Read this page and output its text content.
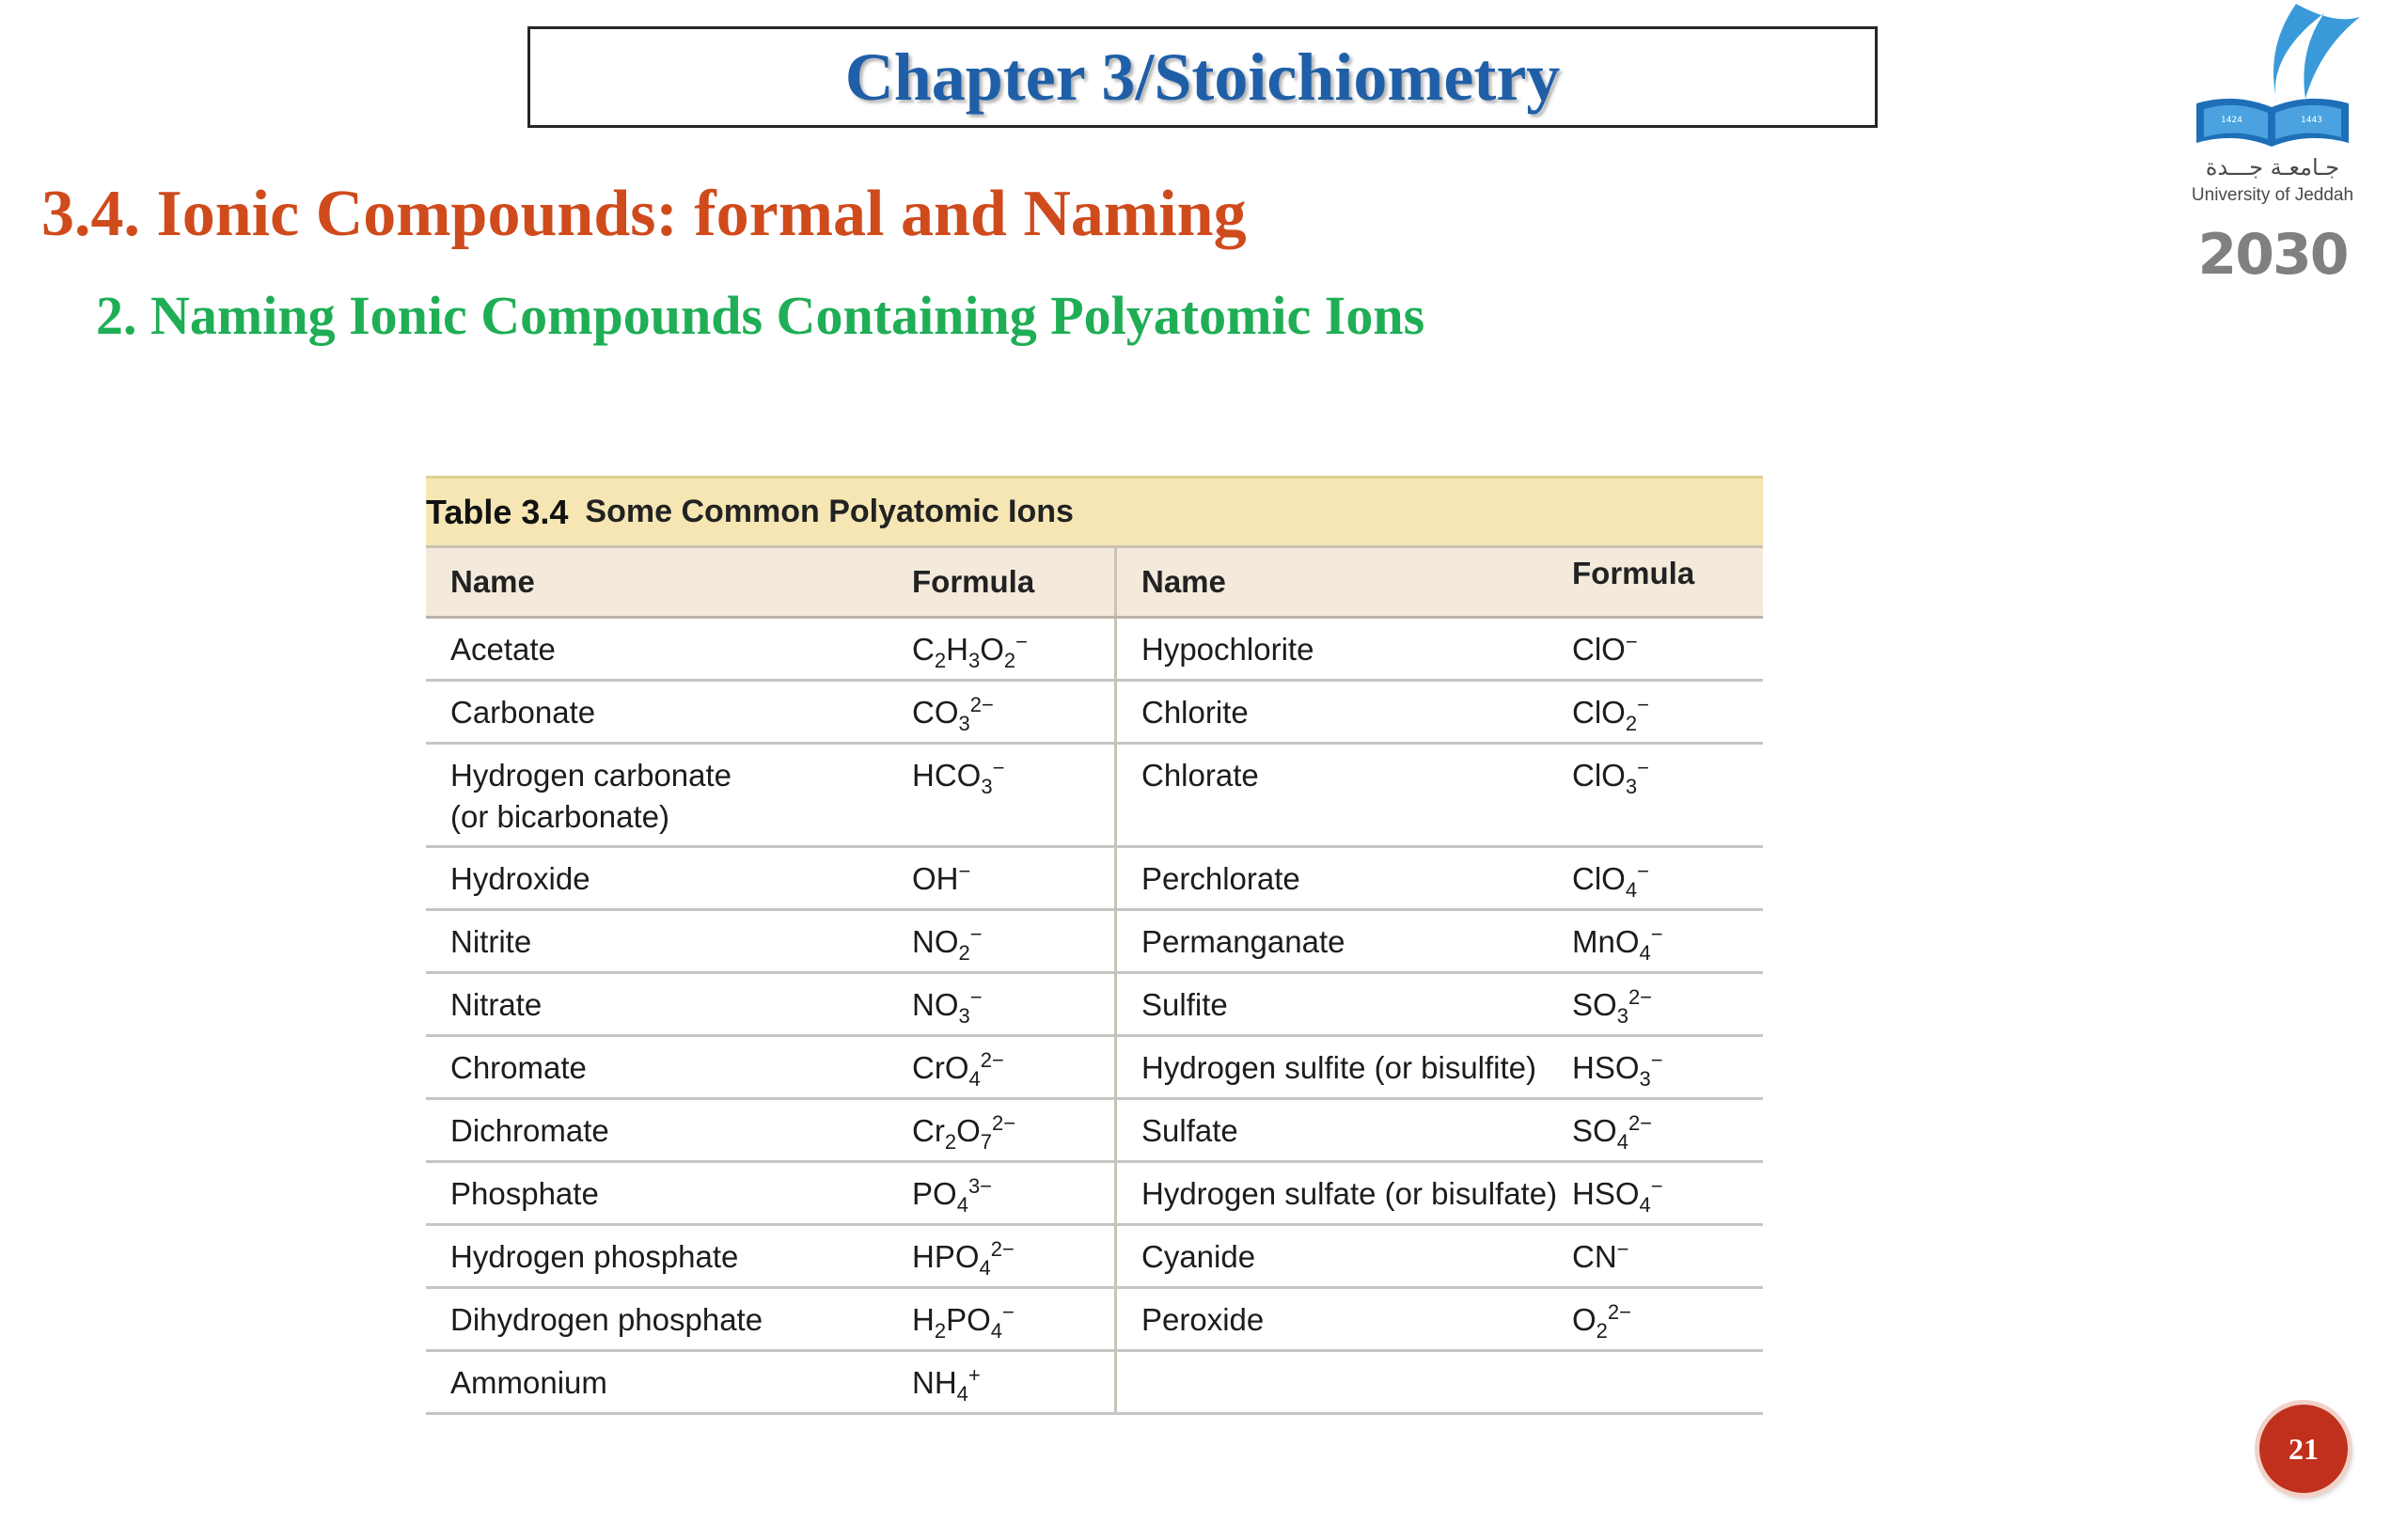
Chapter 3/Stoichiometry
3.4. Ionic Compounds: formal and Naming
2. Naming Ionic Compounds Containing Polyatomic Ions
1424	1443
جـامعـة جـــدة
University of Jeddah
2030
Table 3.4 Some Common Polyatomic Ions
Name	Formula	Name	Formula
Acetate	$C_2H_3O_2^-$	Hypochlorite	ClO−
Carbonate	$CO_3^{2-}$	Chlorite	ClO$_2$−
Hydrogen carbonate
(or bicarbonate)
$HCO_3^-$	Chlorate	ClO$_3$−
Hydroxide	OH−	Perchlorate	ClO$_4$−
Nitrite	$NO_2^-$	Permanganate	MnO$_4$−
Nitrate	$NO_3^-$	Sulfite	$SO_3^{2-}$
Chromate	CrO$_4^{2-}$	Hydrogen sulfite (or bisulfite)	$HSO_3^-$
Dichromate	$Cr_2O_7^{2-}$	Sulfate	$SO_4^{2-}$
Phosphate	$PO_4^{3-}$	Hydrogen sulfate (or bisulfate) $HSO_4^-$
Hydrogen phosphate	$HPO_4^{2-}$	Cyanide	CN−
Dihydrogen phosphate	$H_2PO_4^-$	Peroxide	$O_2^{2-}$
Ammonium	$NH_4^+$
21
